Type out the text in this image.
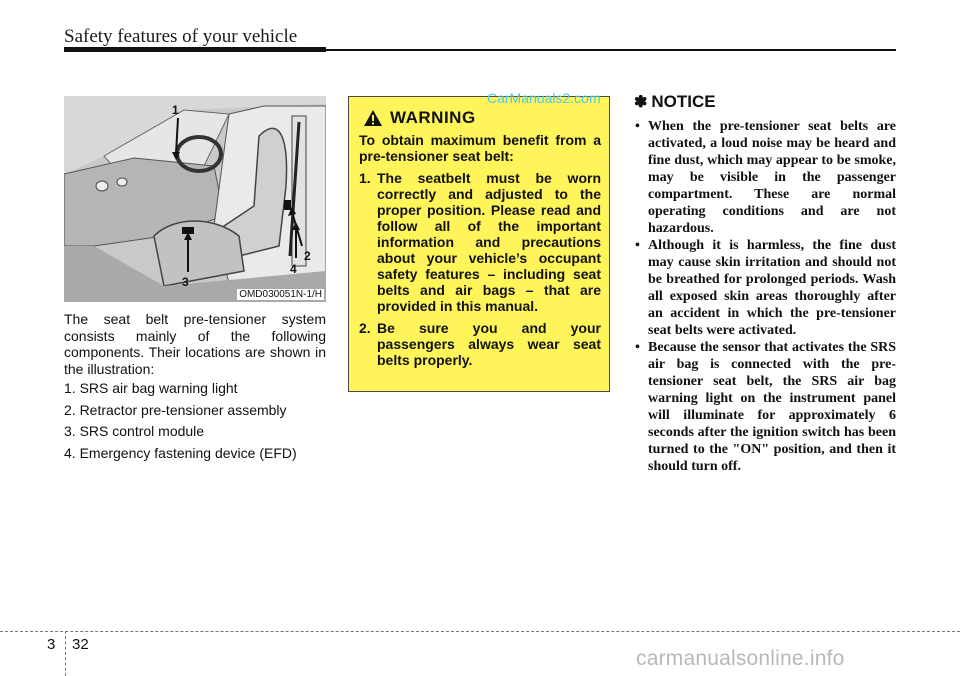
Safety features of your vehicle
1
2
3
4
OMD030051N-1/H

The seat belt pre-tensioner system consists mainly of the following components. Their locations are shown in the illustration:

1. SRS air bag warning light
2. Retractor pre-tensioner assembly
3. SRS control module
4. Emergency fastening device (EFD)
WARNING

To obtain maximum benefit from a pre-tensioner seat belt:

1. The seatbelt must be worn correctly and adjusted to the proper position. Please read and follow all of the important information and precautions about your vehicle’s occupant safety features – including seat belts and air bags – that are provided in this manual.
2. Be sure you and your passengers always wear seat belts properly.
CarManuals2.com ✽ NOTICE
• When the pre-tensioner seat belts are activated, a loud noise may be heard and fine dust, which may appear to be smoke, may be visible in the passenger compartment. These are normal operating conditions and are not hazardous.
• Although it is harmless, the fine dust may cause skin irritation and should not be breathed for prolonged periods. Wash all exposed skin areas thoroughly after an accident in which the pre-tensioner seat belts were activated.
• Because the sensor that activates the SRS air bag is connected with the pre-tensioner seat belt, the SRS air bag warning light on the instrument panel will illuminate for approximately 6 seconds after the ignition switch has been turned to the "ON" position, and then it should turn off.
3 32
carmanualsonline.info
